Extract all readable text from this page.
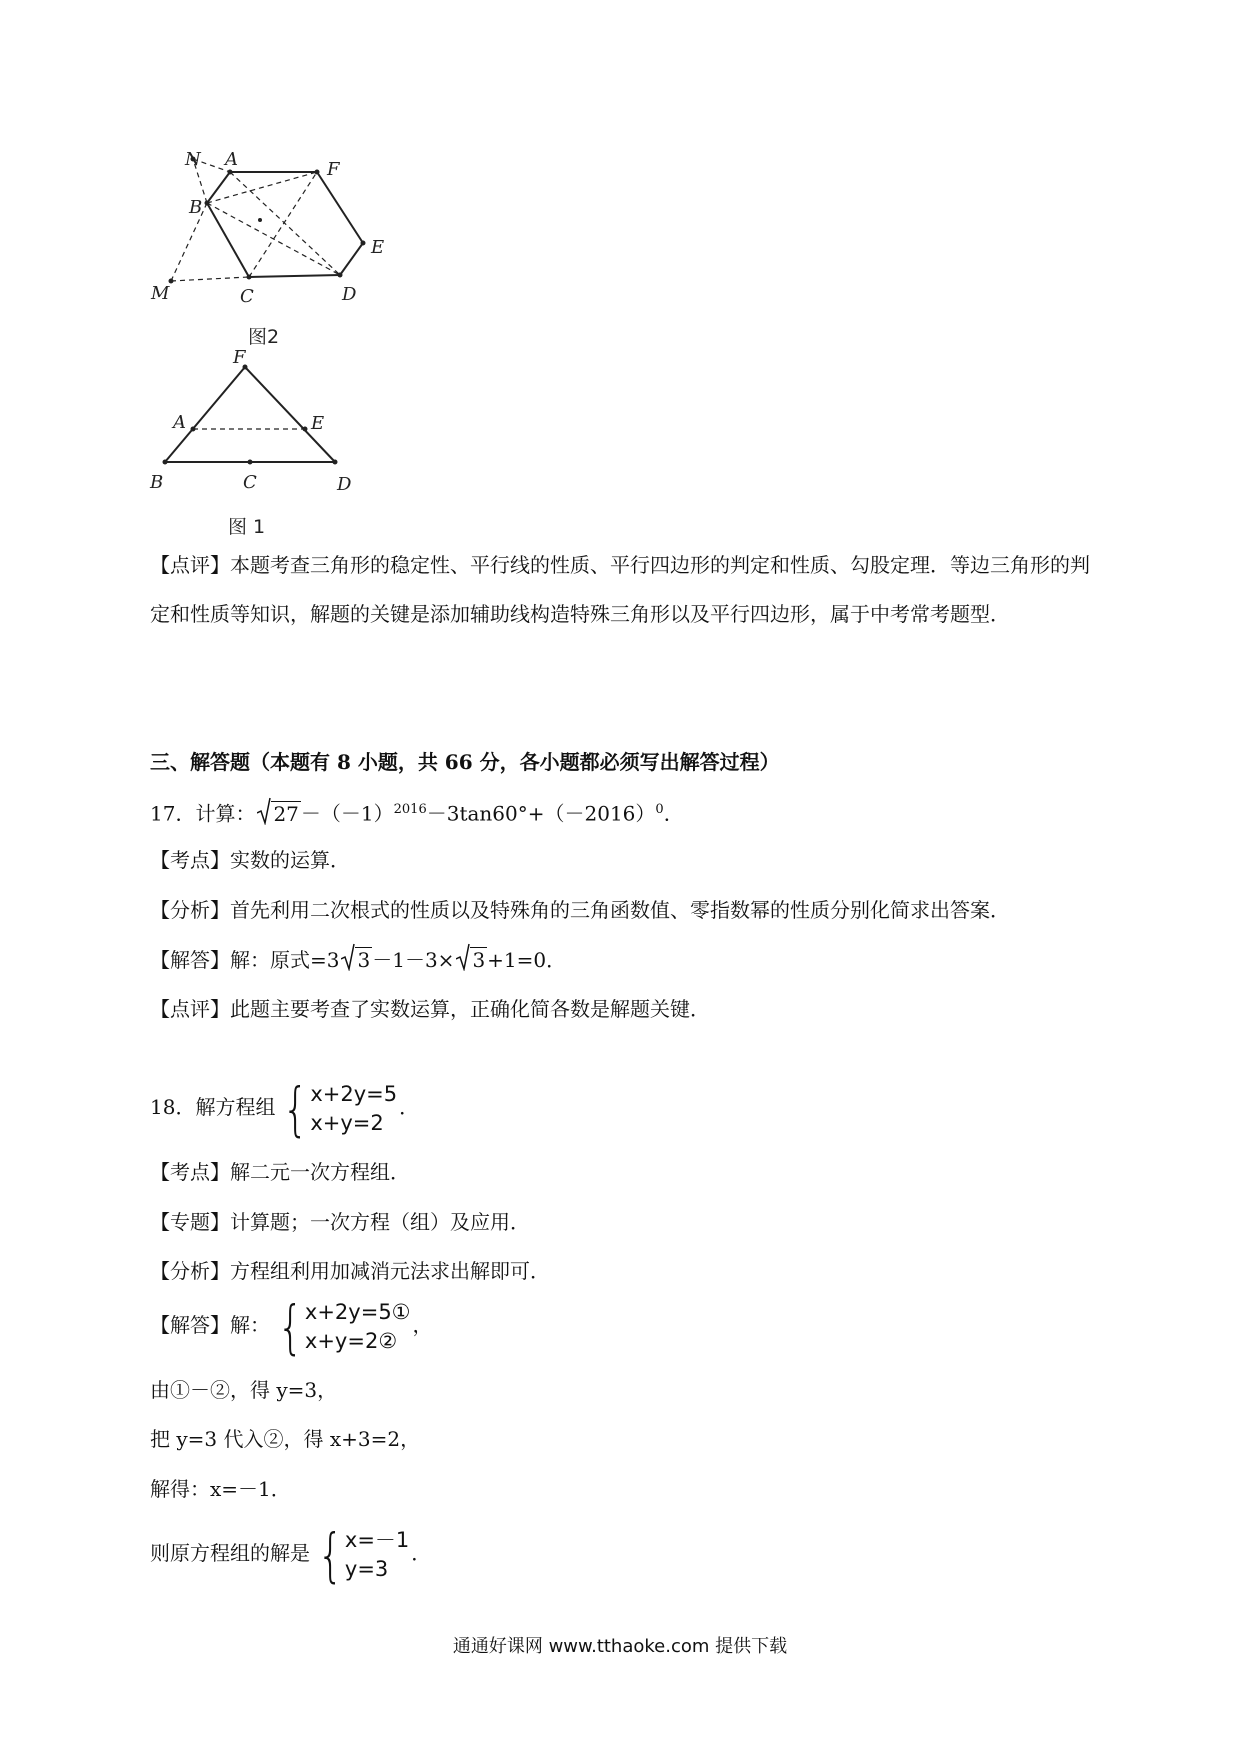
N A	F
B
E
M	C	D
图2
F
A	E
B	C	D
图 1
【点评】本题考查三角形的稳定性、平行线的性质、平行四边形的判定和性质、勾股定理．等边三角形的判定和性质等知识，解题的关键是添加辅助线构造特殊三角形以及平行四边形，属于中考常考题型．
三、解答题（本题有 8 小题，共 66 分，各小题都必须写出解答过程）
17．计算： $27 -(-1)^{2016}-3\tan 60^\circ+(-2016)^0$．
【考点】实数的运算．
【分析】首先利用二次根式的性质以及特殊角的三角函数值、零指数幂的性质分别化简求出答案．
【解答】解：原式=3 3 －1－3× 3 +1=0．
【点评】此题主要考查了实数运算，正确化简各数是解题关键．
18．解方程组 { x+2y=5
x+y=2
．
【考点】解二元一次方程组．
【专题】计算题；一次方程（组）及应用．
【分析】方程组利用加减消元法求出解即可．
【解答】解： { x+2y=5①
x+y=2②
，
由①－②，得 y=3，
把 y=3 代入②，得 x+3=2，
解得：x=－1．
则原方程组的解是 { x=－1
y=3
．
通通好课网 www.tthaoke.com 提供下载
